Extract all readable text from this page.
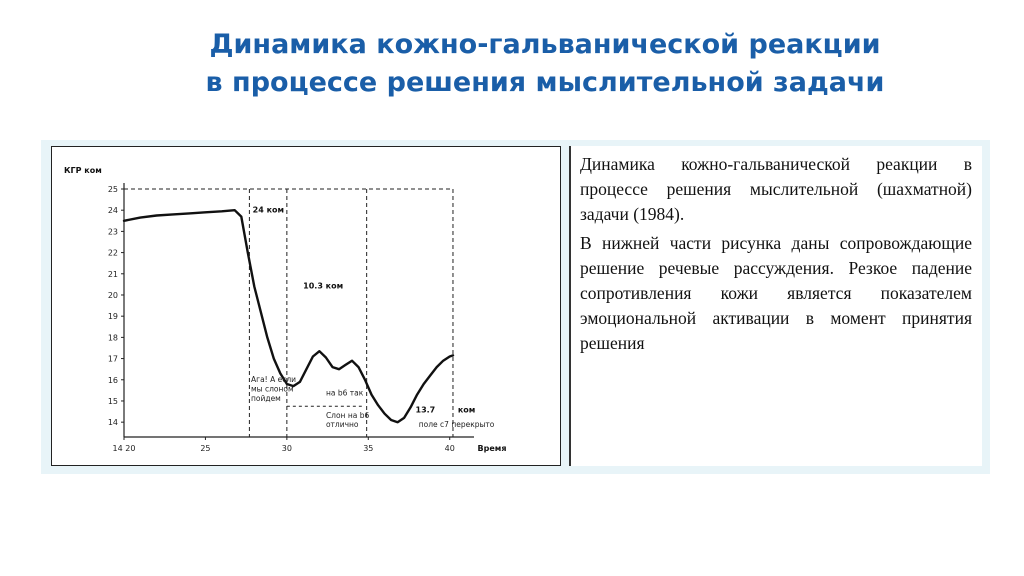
Динамика кожно-гальванической реакции
в процессе решения мыслительной задачи
КГР ком
14
15
16
17
18
19
20
21
22
23
24
25
14 20	25	30	35	40	Время
24 ком
10.3 ком
13.7	ком
Ага! А если
мы слоном
пойдем
на b6 так
Слон на b6
отлично	поле с7 перекрыто

Динамика кожно-гальванической реакции в процессе решения мыслительной (шахматной) задачи (1984).

В нижней части рисунка даны сопровождающие решение речевые рассуждения. Резкое падение сопротивления кожи является показателем эмоциональной активации в момент принятия решения
